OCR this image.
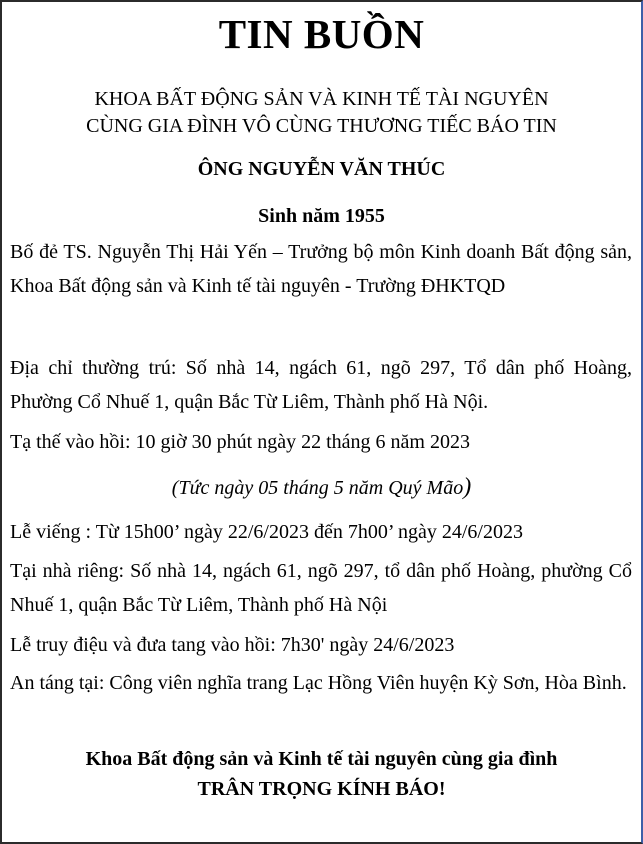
TIN BUỒN
KHOA BẤT ĐỘNG SẢN VÀ KINH TẾ TÀI NGUYÊN
CÙNG GIA ĐÌNH VÔ CÙNG THƯƠNG TIẾC BÁO TIN
ÔNG NGUYỄN VĂN THÚC
Sinh năm 1955
Bố đẻ TS. Nguyễn Thị Hải Yến – Trưởng bộ môn Kinh doanh Bất động sản, Khoa Bất động sản và Kinh tế tài nguyên - Trường ĐHKTQD
Địa chỉ thường trú: Số nhà 14, ngách 61, ngõ 297, Tổ dân phố Hoàng, Phường Cổ Nhuế 1, quận Bắc Từ Liêm, Thành phố Hà Nội.
Tạ thế vào hồi: 10 giờ 30 phút ngày 22 tháng 6 năm 2023
(Tức ngày 05 tháng 5 năm Quý Mão)
Lễ viếng : Từ 15h00’ ngày 22/6/2023 đến 7h00’ ngày 24/6/2023
Tại nhà riêng: Số nhà 14, ngách 61, ngõ 297, tổ dân phố Hoàng, phường Cổ Nhuế 1, quận Bắc Từ Liêm, Thành phố Hà Nội
Lễ truy điệu và đưa tang vào hồi: 7h30' ngày 24/6/2023
An táng tại: Công viên nghĩa trang Lạc Hồng Viên huyện Kỳ Sơn, Hòa Bình.
Khoa Bất động sản và Kinh tế tài nguyên cùng gia đình
TRÂN TRỌNG KÍNH BÁO!
